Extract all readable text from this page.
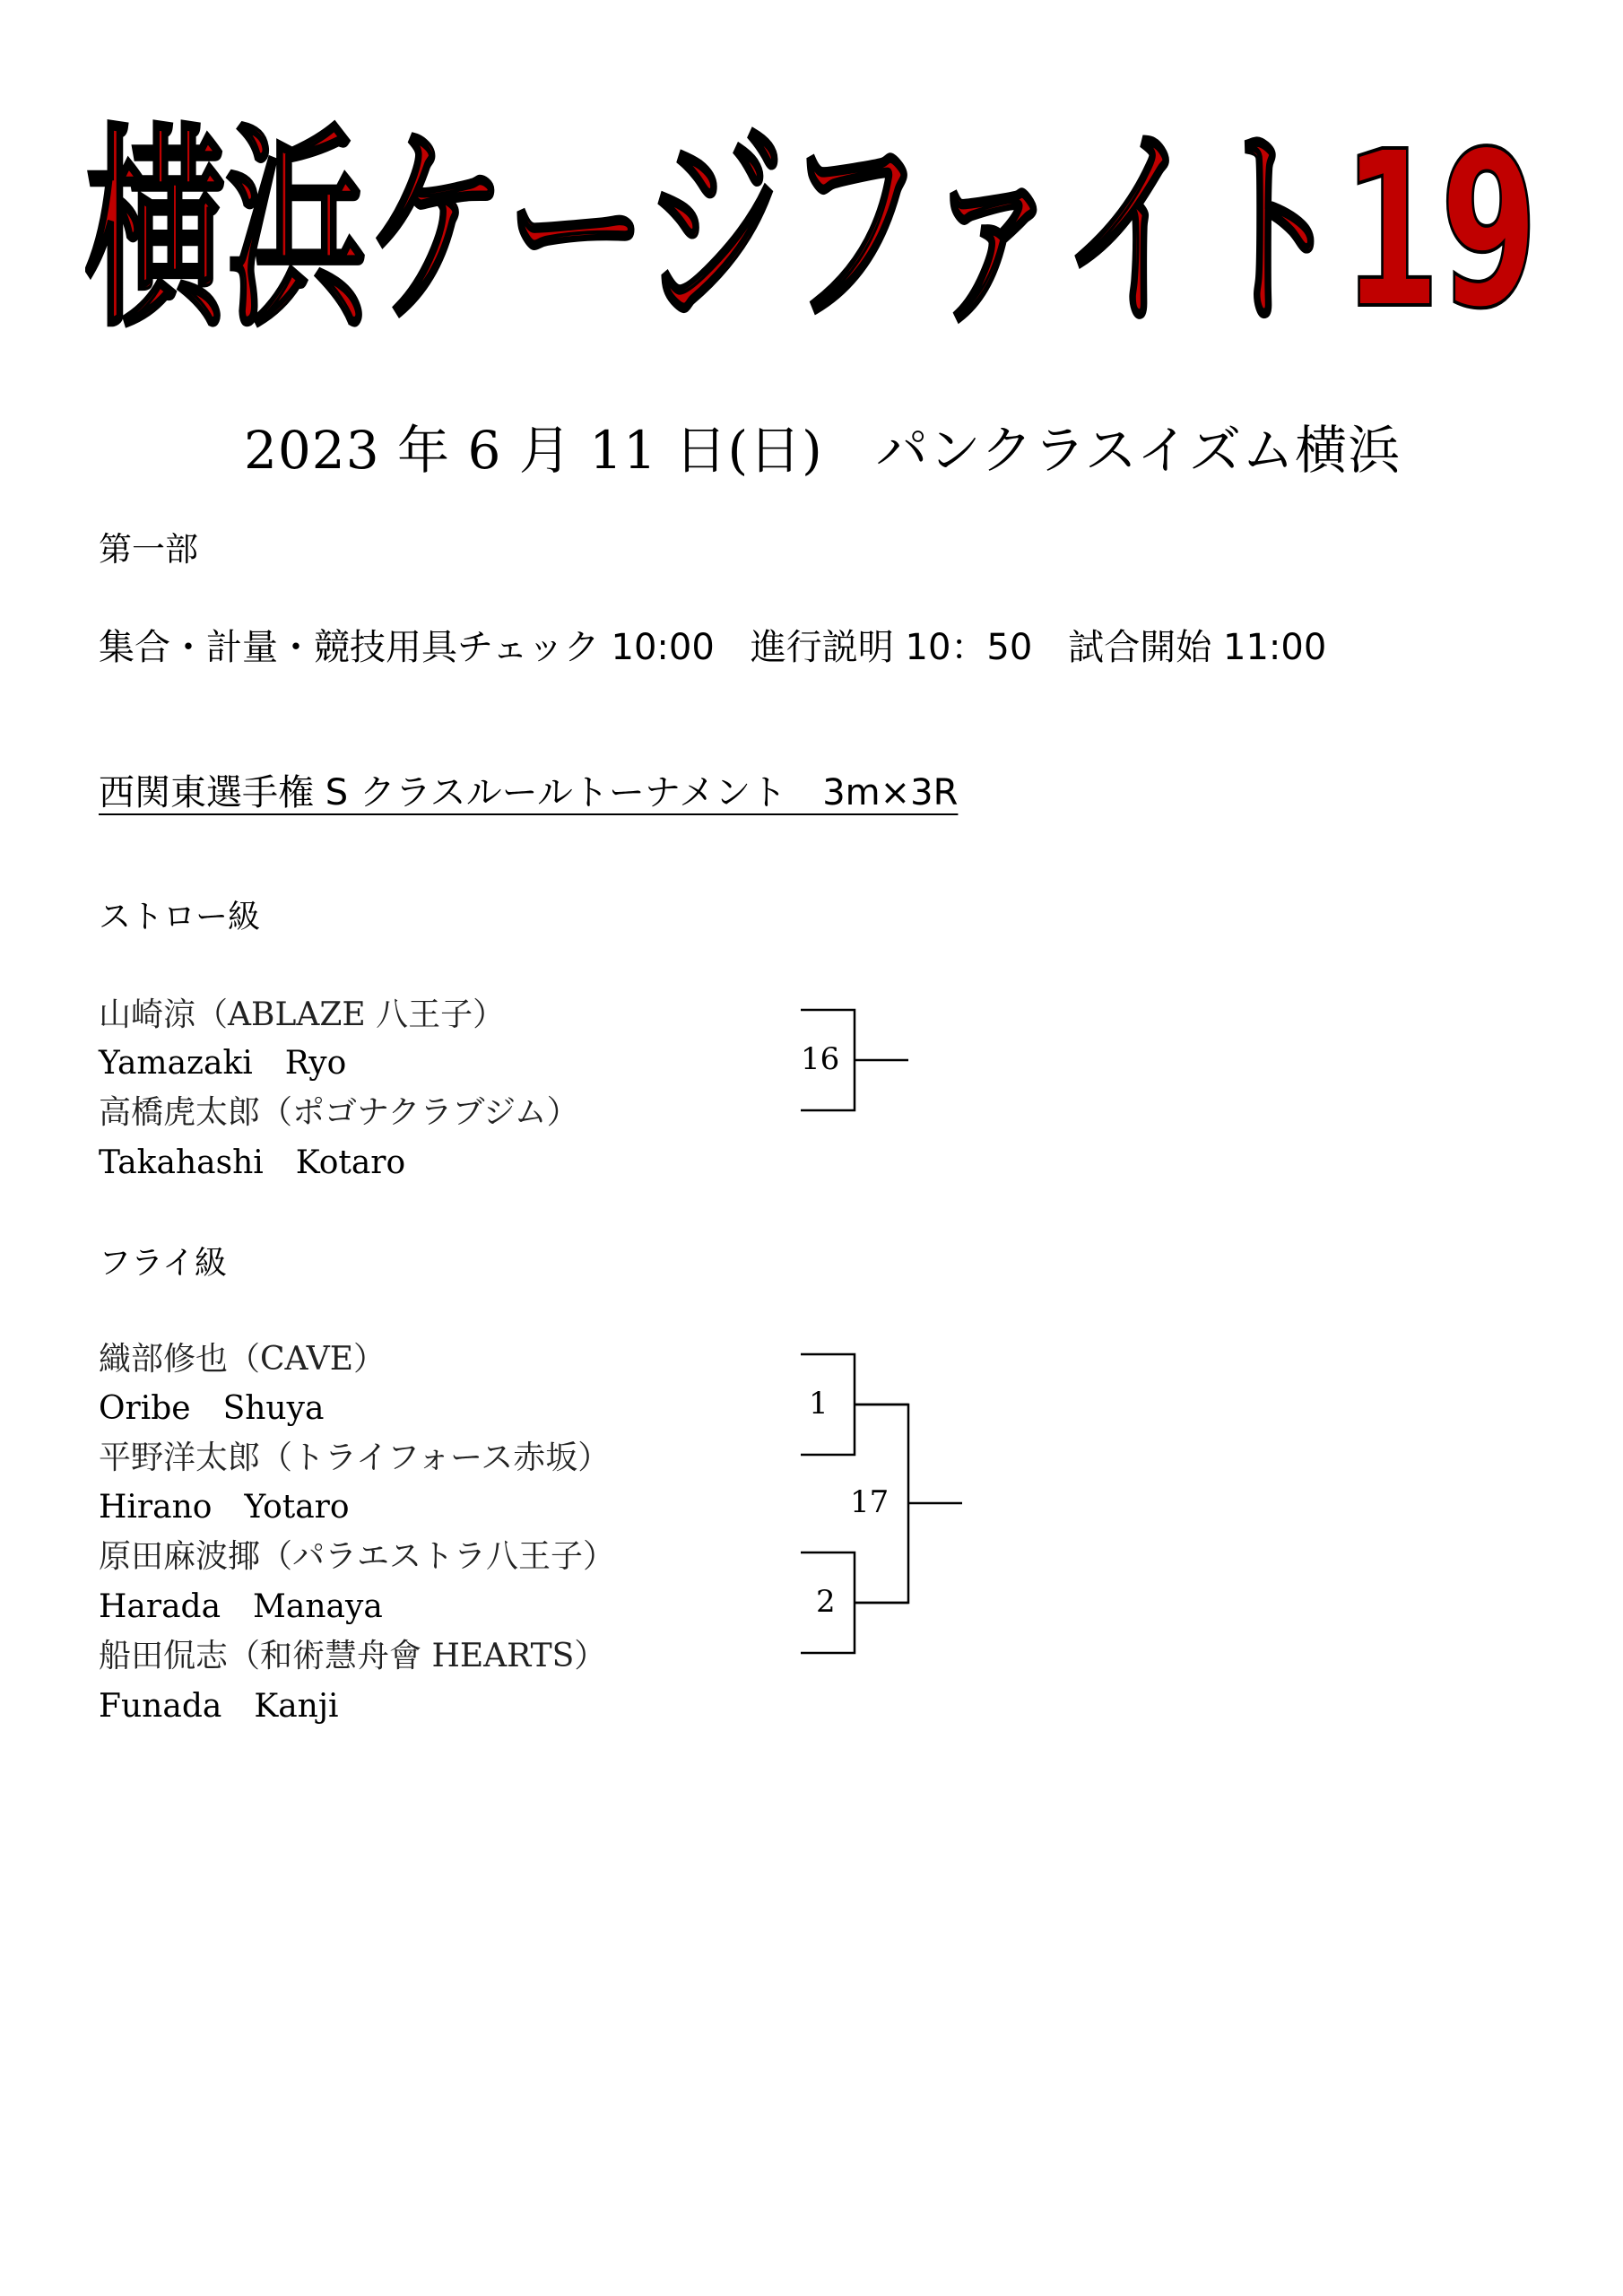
横浜ケージファイト19
2023 年 6 月 11 日(日)　パンクラスイズム横浜
第一部
集合・計量・競技用具チェック 10:00　進行説明 10：50　試合開始 11:00
西関東選手権 S クラスルールトーナメント　3m×3R
ストロー級
山崎涼（ABLAZE 八王子）
Yamazaki　Ryo
高橋虎太郎（ポゴナクラブジム）
Takahashi　Kotaro
フライ級
織部修也（CAVE）
Oribe　Shuya
平野洋太郎（トライフォース赤坂）
Hirano　Yotaro
原田麻波揶（パラエストラ八王子）
Harada　Manaya
船田侃志（和術慧舟會 HEARTS）
Funada　Kanji
16
1
2
17
